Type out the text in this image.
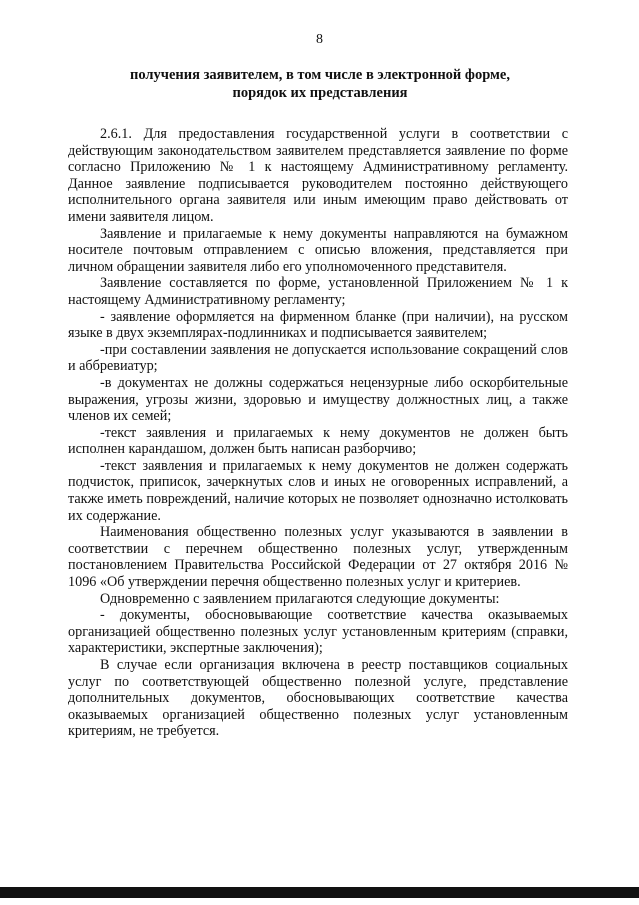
8
получения заявителем, в том числе в электронной форме,
порядок их представления

2.6.1. Для предоставления государственной услуги в соответствии с действующим законодательством заявителем представляется заявление по форме согласно Приложению № 1 к настоящему Административному регламенту. Данное заявление подписывается руководителем постоянно действующего исполнительного органа заявителя или иным имеющим право действовать от имени заявителя лицом.

Заявление и прилагаемые к нему документы направляются на бумажном носителе почтовым отправлением с описью вложения, представляется при личном обращении заявителя либо его уполномоченного представителя.

Заявление составляется по форме, установленной Приложением № 1 к настоящему Административному регламенту;

- заявление оформляется на фирменном бланке (при наличии), на русском языке в двух экземплярах-подлинниках и подписывается заявителем;

-при составлении заявления не допускается использование сокращений слов и аббревиатур;

-в документах не должны содержаться нецензурные либо оскорбительные выражения, угрозы жизни, здоровью и имуществу должностных лиц, а также членов их семей;

-текст заявления и прилагаемых к нему документов не должен быть исполнен карандашом, должен быть написан разборчиво;

-текст заявления и прилагаемых к нему документов не должен содержать подчисток, приписок, зачеркнутых слов и иных не оговоренных исправлений, а также иметь повреждений, наличие которых не позволяет однозначно истолковать их содержание.

Наименования общественно полезных услуг указываются в заявлении в соответствии с перечнем общественно полезных услуг, утвержденным постановлением Правительства Российской Федерации от 27 октября 2016 № 1096 «Об утверждении перечня общественно полезных услуг и критериев.

Одновременно с заявлением прилагаются следующие документы:

- документы, обосновывающие соответствие качества оказываемых организацией общественно полезных услуг установленным критериям (справки, характеристики, экспертные заключения);

В случае если организация включена в реестр поставщиков социальных услуг по соответствующей общественно полезной услуге, представление дополнительных документов, обосновывающих соответствие качества оказываемых организацией общественно полезных услуг установленным критериям, не требуется.
